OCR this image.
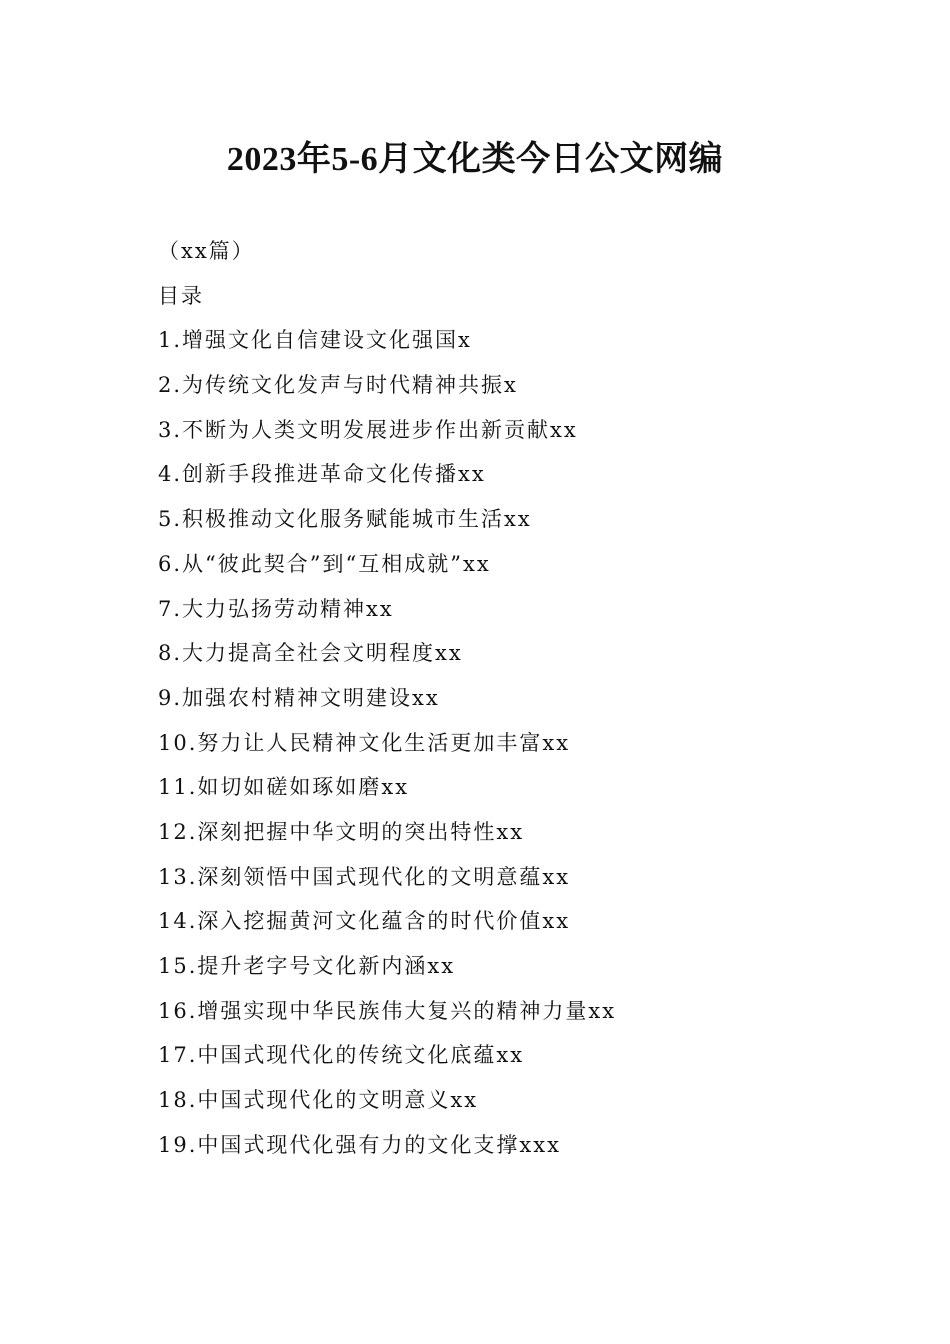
2023年5-6月文化类今日公文网编
（xx篇）
目录
1.增强文化自信建设文化强国x
2.为传统文化发声与时代精神共振x
3.不断为人类文明发展进步作出新贡献xx
4.创新手段推进革命文化传播xx
5.积极推动文化服务赋能城市生活xx
6.从“彼此契合”到“互相成就”xx
7.大力弘扬劳动精神xx
8.大力提高全社会文明程度xx
9.加强农村精神文明建设xx
10.努力让人民精神文化生活更加丰富xx
11.如切如磋如琢如磨xx
12.深刻把握中华文明的突出特性xx
13.深刻领悟中国式现代化的文明意蕴xx
14.深入挖掘黄河文化蕴含的时代价值xx
15.提升老字号文化新内涵xx
16.增强实现中华民族伟大复兴的精神力量xx
17.中国式现代化的传统文化底蕴xx
18.中国式现代化的文明意义xx
19.中国式现代化强有力的文化支撑xxx
